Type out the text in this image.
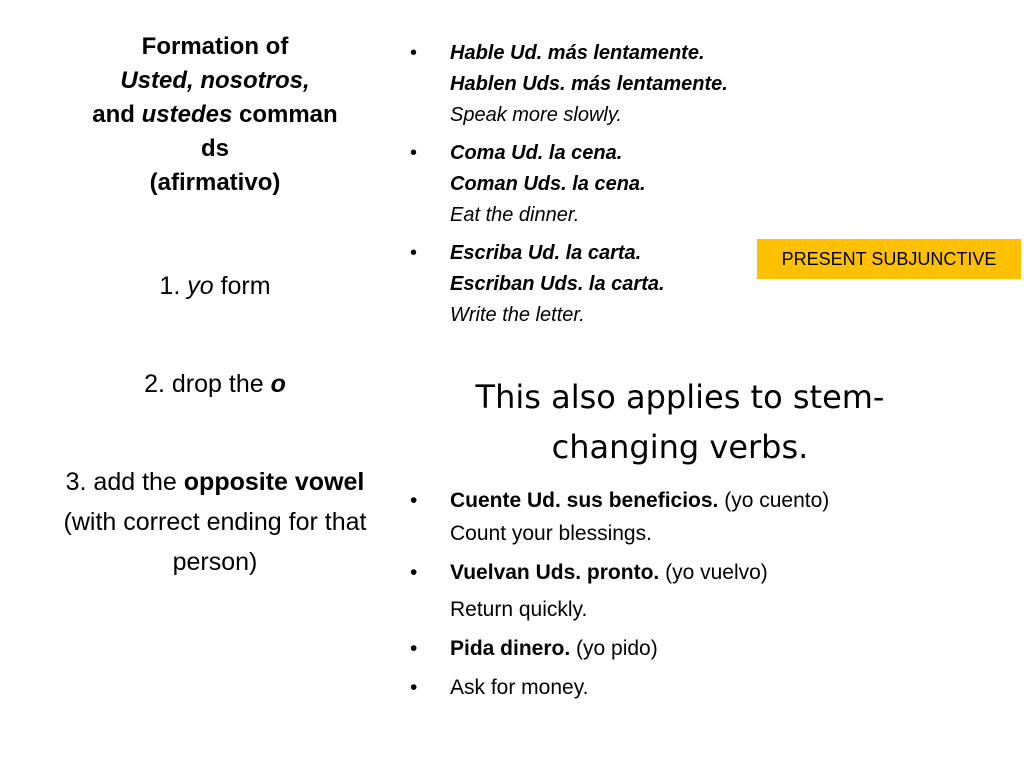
Formation of
Usted, nosotros,
and ustedes comman
ds
(afirmativo)
1. yo form
2. drop the o
3. add the opposite vowel (with correct ending for that person)
• Hable Ud. más lentamente.
Hablen Uds. más lentamente.
Speak more slowly.
• Coma Ud. la cena.
Coman Uds. la cena.
Eat the dinner.
• Escriba Ud. la carta.
Escriban Uds. la carta.
Write the letter.
PRESENT SUBJUNCTIVE
This also applies to stem-changing verbs.
• Cuente Ud. sus beneficios. (yo cuento)
Count your blessings.
• Vuelvan Uds. pronto. (yo vuelvo)
Return quickly.
• Pida dinero. (yo pido)
• Ask for money.
